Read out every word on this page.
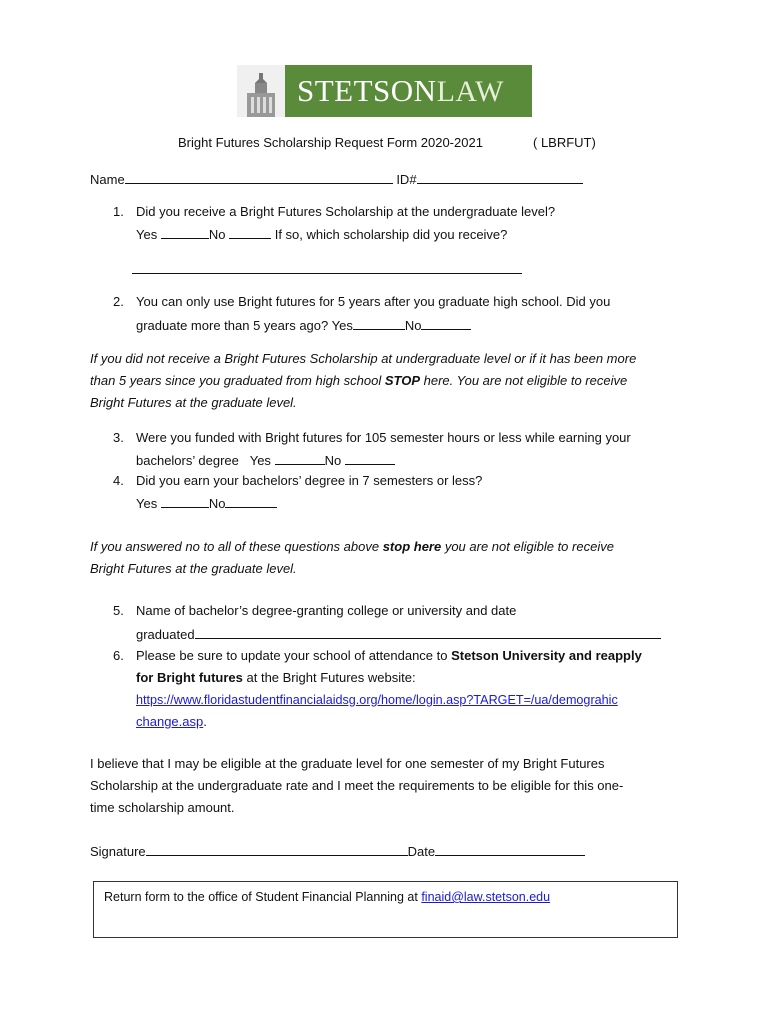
STETSONLAW
Bright Futures Scholarship Request Form 2020-2021	( LBRFUT)
Name	ID#
1. Did you receive a Bright Futures Scholarship at the undergraduate level?
Yes	No	If so, which scholarship did you receive?
2. You can only use Bright futures for 5 years after you graduate high school. Did you
graduate more than 5 years ago? Yes	No
If you did not receive a Bright Futures Scholarship at undergraduate level or if it has been more
than 5 years since you graduated from high school STOP here. You are not eligible to receive
Bright Futures at the graduate level.
3. Were you funded with Bright futures for 105 semester hours or less while earning your
bachelors’ degree Yes	No
4. Did you earn your bachelors’ degree in 7 semesters or less?
Yes	No
If you answered no to all of these questions above stop here you are not eligible to receive
Bright Futures at the graduate level.
5. Name of bachelor’s degree-granting college or university and date
graduated
6. Please be sure to update your school of attendance to Stetson University and reapply
for Bright futures at the Bright Futures website:
https://www.floridastudentfinancialaidsg.org/home/login.asp?TARGET=/ua/demograhic
change.asp.
I believe that I may be eligible at the graduate level for one semester of my Bright Futures
Scholarship at the undergraduate rate and I meet the requirements to be eligible for this one-
time scholarship amount.
Signature	Date
Return form to the office of Student Financial Planning at finaid@law.stetson.edu
